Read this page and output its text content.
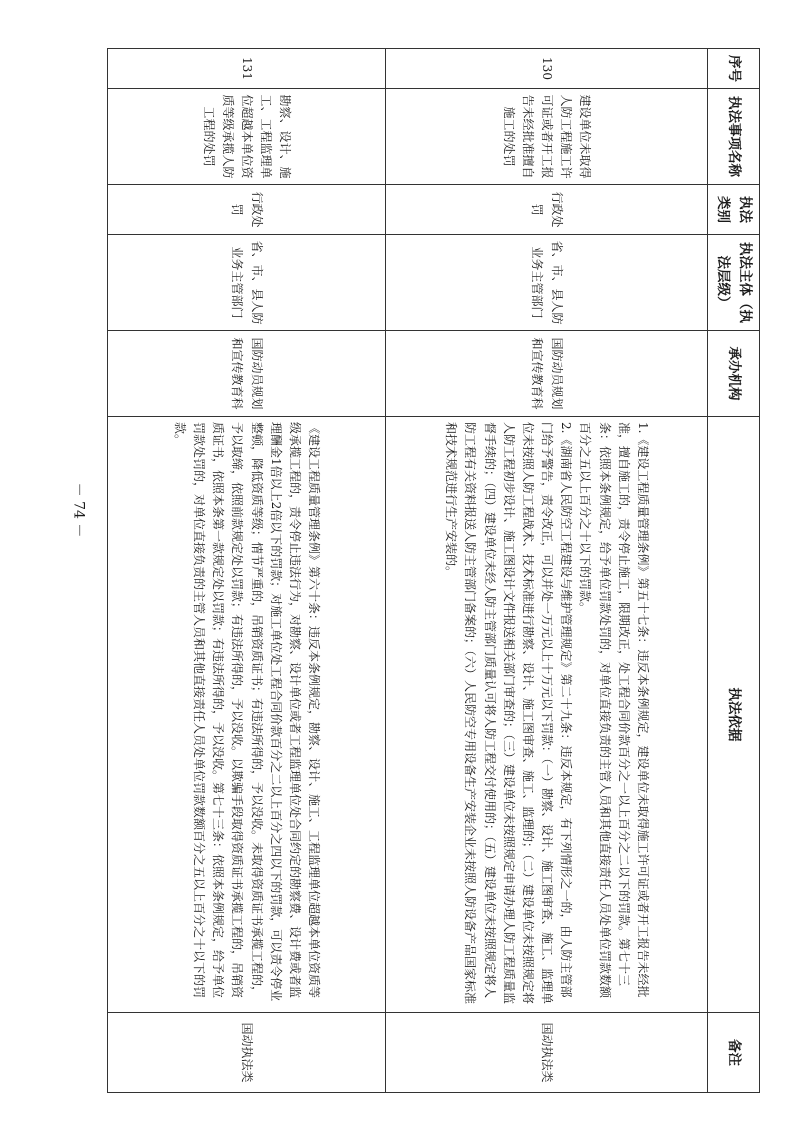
－ 74 －
序号	执法事项名称	执法类别	执法主体（执法层级）	承办机构	执法依据	备注
130	建设单位未取得人防工程施工许可证或者开工报告未经批准擅自施工的处罚	行政处罚	省、市、县人防业务主管部门	国防动员规划和宣传教育科	1.《建设工程质量管理条例》第五十七条：违反本条例规定，建设单位未取得施工许可证或者开工报告未经批准，擅自施工的，责令停止施工，限期改正，处工程合同价款百分之一以上百分之二以下的罚款。第七十三条：依照本条例规定，给予单位罚款处罚的，对单位直接负责的主管人员和其他直接责任人员处单位罚款数额百分之五以上百分之十以下的罚款。

2.《湖南省人民防空工程建设与维护管理规定》第二十九条：违反本规定，有下列情形之一的，由人防主管部门给予警告，责令改正，可以并处一万元以上十万元以下罚款：（一）勘察、设计、施工图审查、施工、监理单位未按照人防工程战术、技术标准进行勘察、设计、施工图审查、施工、监理的；（二）建设单位未按照规定将人防工程初步设计、施工图设计文件报送相关部门审查的；（三）建设单位未按照规定申请办理人防工程质量监督手续的；（四）建设单位未经人防主管部门质量认可将人防工程交付使用的；（五）建设单位未按照规定将人防工程有关资料报送人防主管部门备案的；（六）人民防空专用设备生产安装企业未按照人防设备产品国家标准和技术规范进行生产安装的。	国动执法类
131	勘察、设计、施工、工程监理单位超越本单位资质等级承揽人防工程的处罚	行政处罚	省、市、县人防业务主管部门	国防动员规划和宣传教育科	《建设工程质量管理条例》第六十条：违反本条例规定，勘察、设计、施工、工程监理单位超越本单位资质等级承揽工程的，责令停止违法行为，对勘察、设计单位或者工程监理单位处合同约定的勘察费、设计费或者监理酬金1倍以上2倍以下的罚款；对施工单位处工程合同价款百分之二以上百分之四以下的罚款，可以责令停业整顿，降低资质等级；情节严重的，吊销资质证书；有违法所得的，予以没收。未取得资质证书承揽工程的，予以取缔，依照前款规定处以罚款；有违法所得的，予以没收。以欺骗手段取得资质证书承揽工程的，吊销资质证书，依照本条第一款规定处以罚款；有违法所得的，予以没收。第七十三条：依照本条例规定，给予单位罚款处罚的，对单位直接负责的主管人员和其他直接责任人员处单位罚款数额百分之五以上百分之十以下的罚款。	国动执法类
